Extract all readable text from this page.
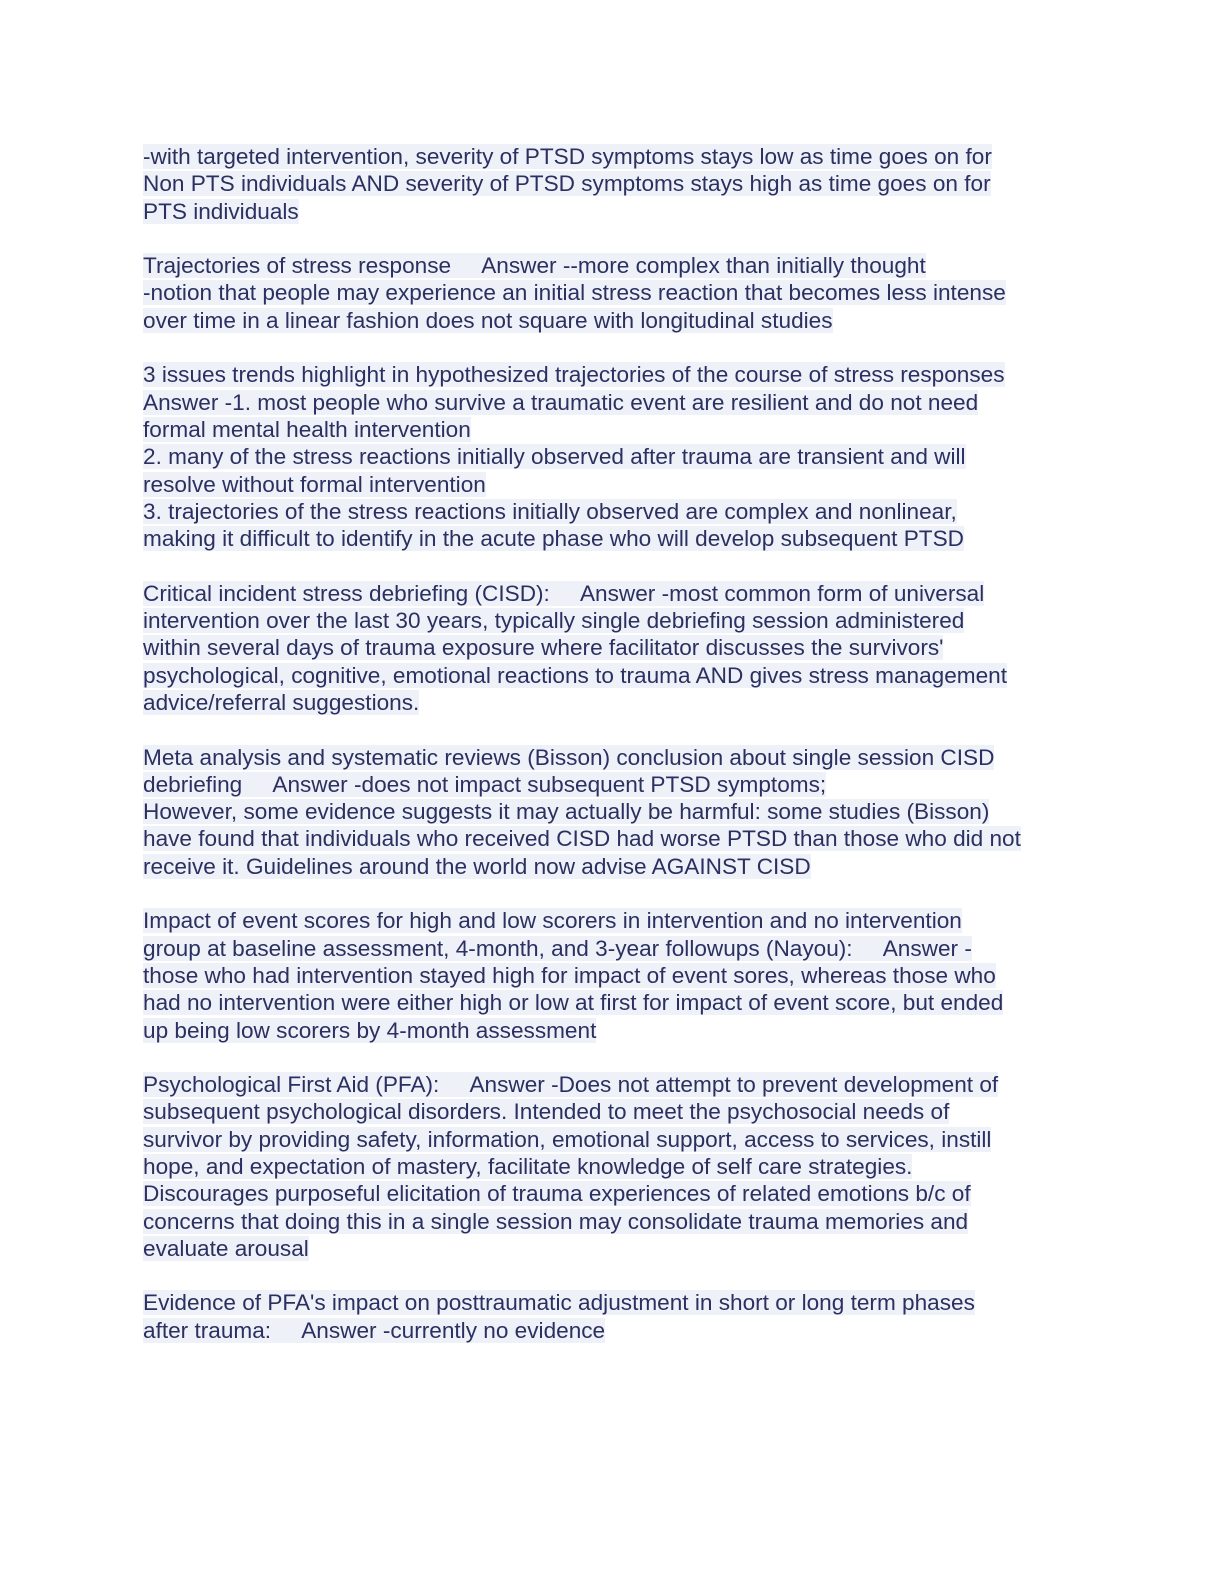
-with targeted intervention, severity of PTSD symptoms stays low as time goes on for
Non PTS individuals AND severity of PTSD symptoms stays high as time goes on for
PTS individuals
Trajectories of stress response     Answer --more complex than initially thought
-notion that people may experience an initial stress reaction that becomes less intense
over time in a linear fashion does not square with longitudinal studies
3 issues trends highlight in hypothesized trajectories of the course of stress responses
Answer -1. most people who survive a traumatic event are resilient and do not need
formal mental health intervention
2. many of the stress reactions initially observed after trauma are transient and will
resolve without formal intervention
3. trajectories of the stress reactions initially observed are complex and nonlinear,
making it difficult to identify in the acute phase who will develop subsequent PTSD
Critical incident stress debriefing (CISD):     Answer -most common form of universal
intervention over the last 30 years, typically single debriefing session administered
within several days of trauma exposure where facilitator discusses the survivors'
psychological, cognitive, emotional reactions to trauma AND gives stress management
advice/referral suggestions.
Meta analysis and systematic reviews (Bisson) conclusion about single session CISD
debriefing     Answer -does not impact subsequent PTSD symptoms;
However, some evidence suggests it may actually be harmful: some studies (Bisson)
have found that individuals who received CISD had worse PTSD than those who did not
receive it. Guidelines around the world now advise AGAINST CISD
Impact of event scores for high and low scorers in intervention and no intervention
group at baseline assessment, 4-month, and 3-year followups (Nayou):     Answer -
those who had intervention stayed high for impact of event sores, whereas those who
had no intervention were either high or low at first for impact of event score, but ended
up being low scorers by 4-month assessment
Psychological First Aid (PFA):     Answer -Does not attempt to prevent development of
subsequent psychological disorders. Intended to meet the psychosocial needs of
survivor by providing safety, information, emotional support, access to services, instill
hope, and expectation of mastery, facilitate knowledge of self care strategies.
Discourages purposeful elicitation of trauma experiences of related emotions b/c of
concerns that doing this in a single session may consolidate trauma memories and
evaluate arousal
Evidence of PFA's impact on posttraumatic adjustment in short or long term phases
after trauma:     Answer -currently no evidence
